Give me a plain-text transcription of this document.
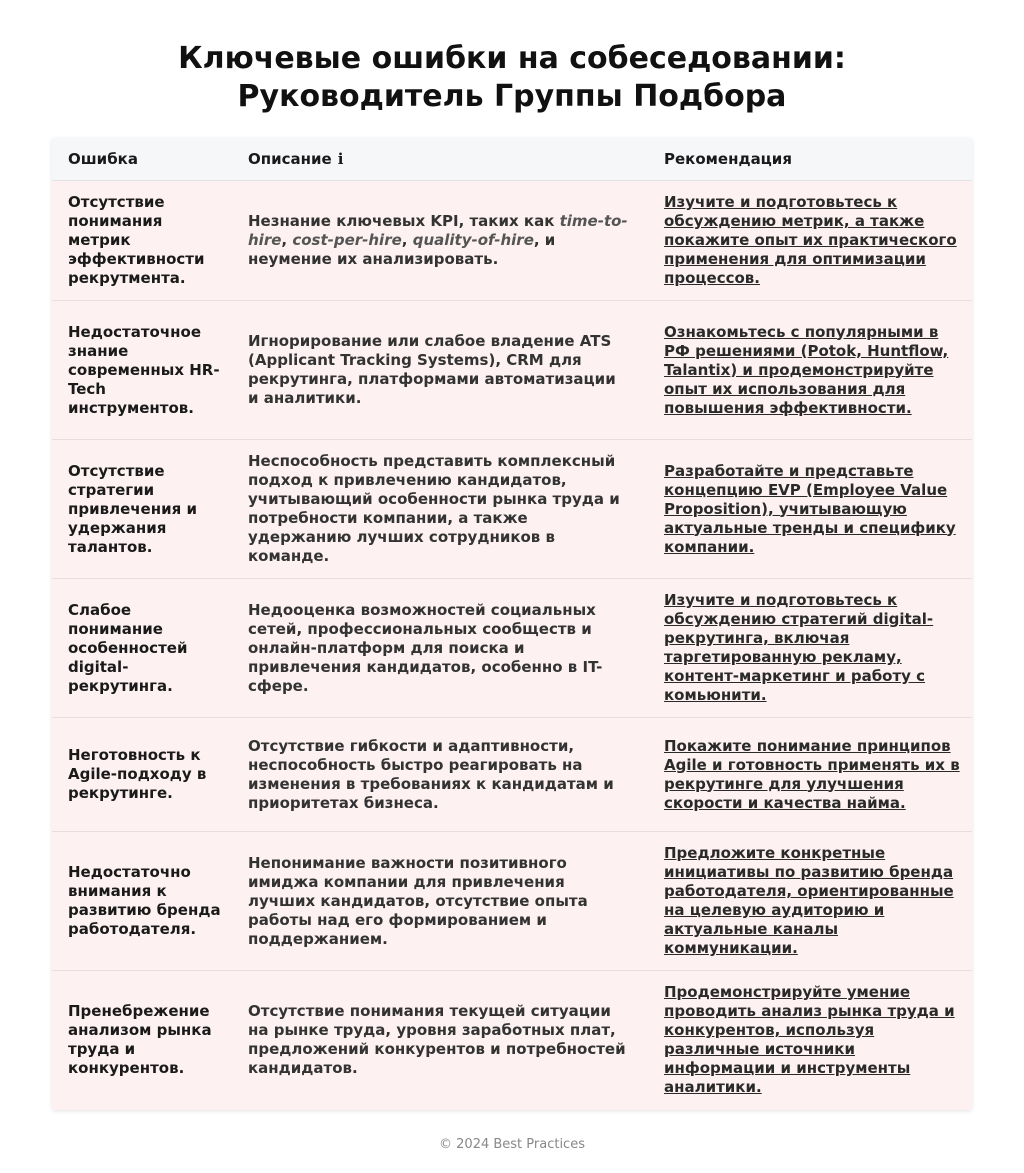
Ключевые ошибки на собеседовании:
Руководитель Группы Подбора
Ошибка	Описание i	Рекомендация
Отсутствие понимания метрик эффективности рекрутмента.	Незнание ключевых KPI, таких как time-to-hire, cost-per-hire, quality-of-hire, и неумение их анализировать.	Изучите и подготовьтесь к обсуждению метрик, а также покажите опыт их практического применения для оптимизации процессов.
Недостаточное знание современных HR-Tech инструментов.	Игнорирование или слабое владение ATS (Applicant Tracking Systems), CRM для рекрутинга, платформами автоматизации и аналитики.	Ознакомьтесь с популярными в РФ решениями (Potok, Huntflow, Talantix) и продемонстрируйте опыт их использования для повышения эффективности.
Отсутствие стратегии привлечения и удержания талантов.	Неспособность представить комплексный подход к привлечению кандидатов, учитывающий особенности рынка труда и потребности компании, а также удержанию лучших сотрудников в команде.	Разработайте и представьте концепцию EVP (Employee Value Proposition), учитывающую актуальные тренды и специфику компании.
Слабое понимание особенностей digital-рекрутинга.	Недооценка возможностей социальных сетей, профессиональных сообществ и онлайн-платформ для поиска и привлечения кандидатов, особенно в IT-сфере.	Изучите и подготовьтесь к обсуждению стратегий digital-рекрутинга, включая таргетированную рекламу, контент-маркетинг и работу с комьюнити.
Неготовность к Agile-подходу в рекрутинге.	Отсутствие гибкости и адаптивности, неспособность быстро реагировать на изменения в требованиях к кандидатам и приоритетах бизнеса.	Покажите понимание принципов Agile и готовность применять их в рекрутинге для улучшения скорости и качества найма.
Недостаточно внимания к развитию бренда работодателя.	Непонимание важности позитивного имиджа компании для привлечения лучших кандидатов, отсутствие опыта работы над его формированием и поддержанием.	Предложите конкретные инициативы по развитию бренда работодателя, ориентированные на целевую аудиторию и актуальные каналы коммуникации.
Пренебрежение анализом рынка труда и конкурентов.	Отсутствие понимания текущей ситуации на рынке труда, уровня заработных плат, предложений конкурентов и потребностей кандидатов.	Продемонстрируйте умение проводить анализ рынка труда и конкурентов, используя различные источники информации и инструменты аналитики.
© 2024 Best Practices
